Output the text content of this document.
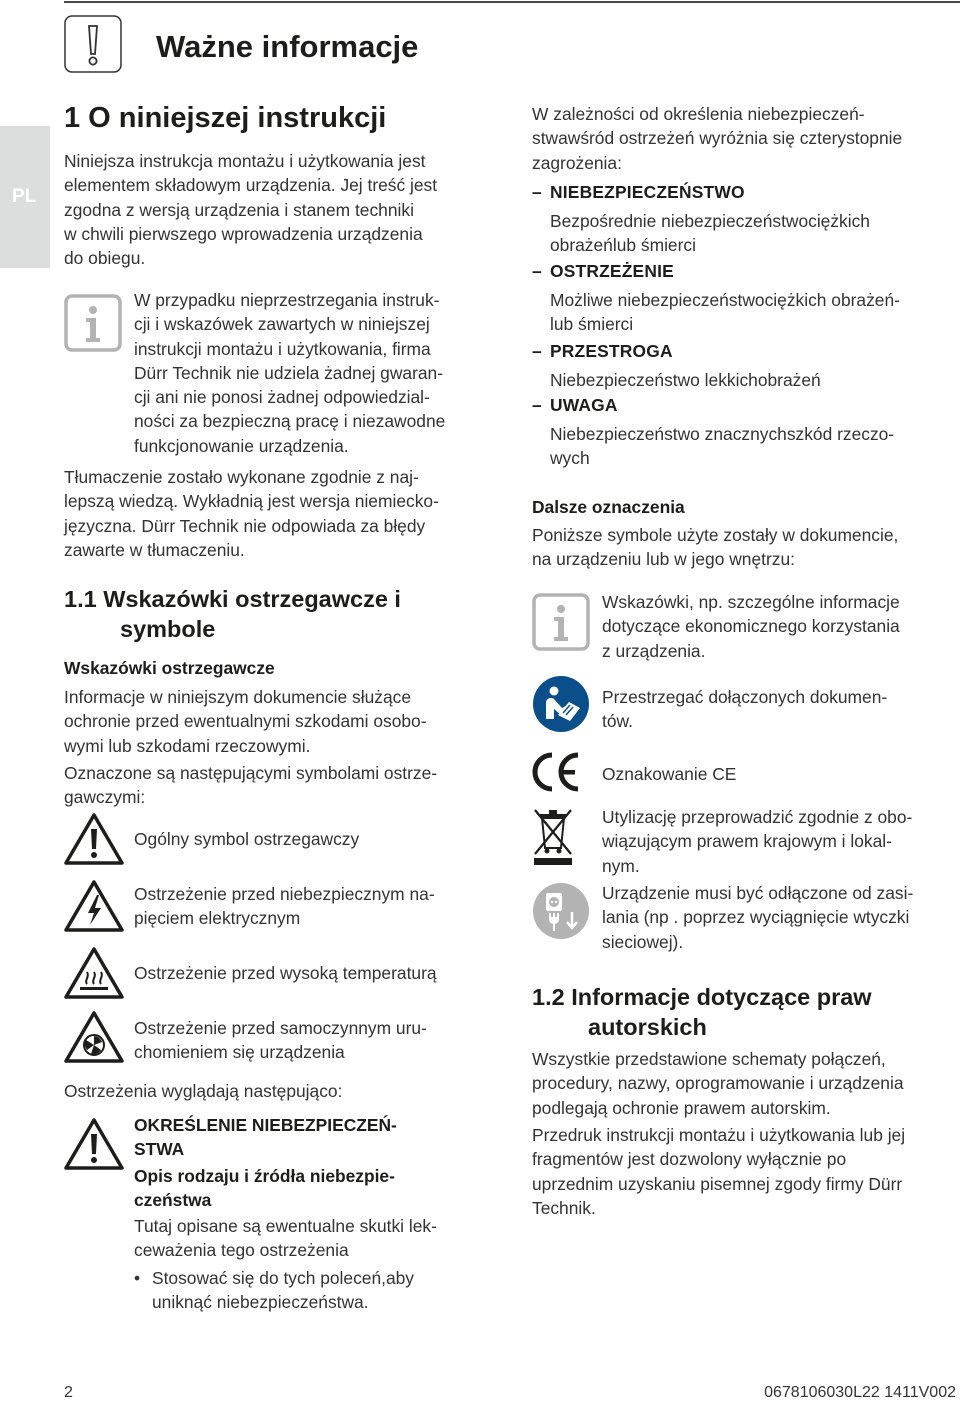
PL
Ważne informacje
1 O niniejszej instrukcji

Niniejsza instrukcja montażu i użytkowania jest
elementem składowym urządzenia. Jej treść jest
zgodna z wersją urządzenia i stanem techniki
w chwili pierwszego wprowadzenia urządzenia
do obiegu.

W przypadku nieprzestrzegania instruk-
cji i wskazówek zawartych w niniejszej
instrukcji montażu i użytkowania, firma
Dürr Technik nie udziela żadnej gwaran-
cji ani nie ponosi żadnej odpowiedzial-
ności za bezpieczną pracę i niezawodne
funkcjonowanie urządzenia.

Tłumaczenie zostało wykonane zgodnie z naj-
lepszą wiedzą. Wykładnią jest wersja niemiecko-
języczna. Dürr Technik nie odpowiada za błędy
zawarte w tłumaczeniu.

1.1 Wskazówki ostrzegawcze i
symbole
Wskazówki ostrzegawcze

Informacje w niniejszym dokumencie służące
ochronie przed ewentualnymi szkodami osobo-
wymi lub szkodami rzeczowymi.

Oznaczone są następującymi symbolami ostrze-
gawczymi:

Ogólny symbol ostrzegawczy

Ostrzeżenie przed niebezpiecznym na-
pięciem elektrycznym

Ostrzeżenie przed wysoką temperaturą

Ostrzeżenie przed samoczynnym uru-
chomieniem się urządzenia

Ostrzeżenia wyglądają następująco:

OKREŚLENIE NIEBEZPIECZEŃ-
STWA

Opis rodzaju i źródła niebezpie-
czeństwa

Tutaj opisane są ewentualne skutki lek-
ceważenia tego ostrzeżenia

• Stosować się do tych poleceń,aby
uniknąć niebezpieczeństwa.

W zależności od określenia niebezpieczeń-
stwawśród ostrzeżeń wyróżnia się czterystopnie
zagrożenia:

– NIEBEZPIECZEŃSTWO

Bezpośrednie niebezpieczeństwociężkich
obrażeńlub śmierci

– OSTRZEŻENIE

Możliwe niebezpieczeństwociężkich obrażeń-
lub śmierci

– PRZESTROGA

Niebezpieczeństwo lekkichobrażeń

– UWAGA

Niebezpieczeństwo znacznychszkód rzeczo-
wych

Dalsze oznaczenia

Poniższe symbole użyte zostały w dokumencie,
na urządzeniu lub w jego wnętrzu:

Wskazówki, np. szczególne informacje
dotyczące ekonomicznego korzystania
z urządzenia.

Przestrzegać dołączonych dokumen-
tów.

Oznakowanie CE

Utylizację przeprowadzić zgodnie z obo-
wiązującym prawem krajowym i lokal-
nym.

Urządzenie musi być odłączone od zasi-
lania (np . poprzez wyciągnięcie wtyczki
sieciowej).

1.2 Informacje dotyczące praw
autorskich

Wszystkie przedstawione schematy połączeń,
procedury, nazwy, oprogramowanie i urządzenia
podlegają ochronie prawem autorskim.

Przedruk instrukcji montażu i użytkowania lub jej
fragmentów jest dozwolony wyłącznie po
uprzednim uzyskaniu pisemnej zgody firmy Dürr
Technik.

2	0678106030L22 1411V002
